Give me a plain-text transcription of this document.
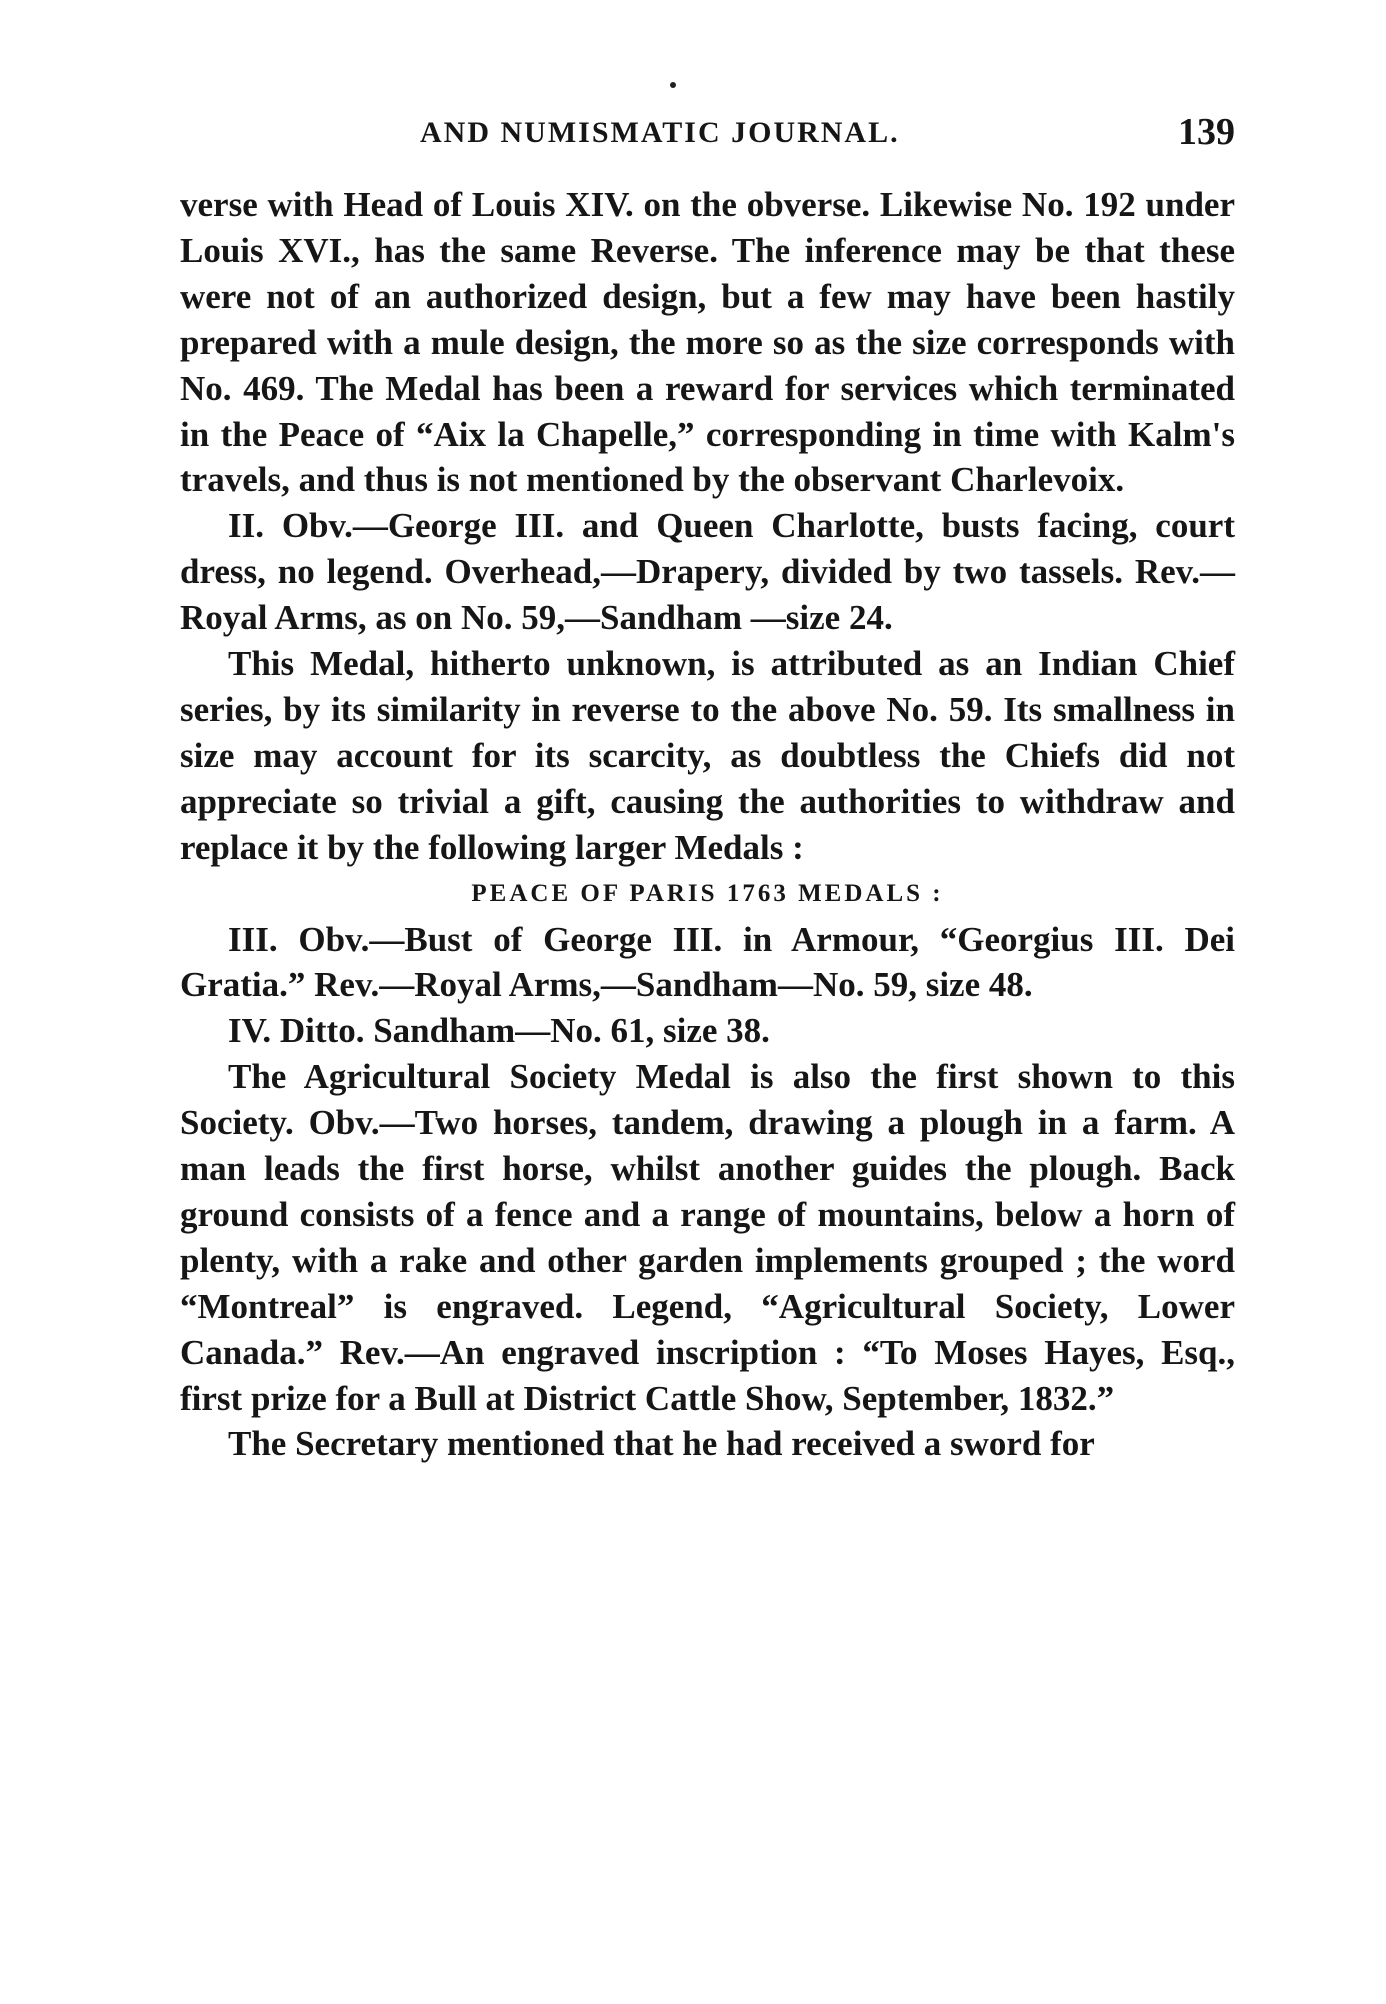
AND NUMISMATIC JOURNAL.	139

verse with Head of Louis XIV. on the obverse. Likewise No. 192 under Louis XVI., has the same Reverse. The inference may be that these were not of an authorized design, but a few may have been hastily prepared with a mule design, the more so as the size corresponds with No. 469. The Medal has been a reward for services which terminated in the Peace of “Aix la Chapelle,” corresponding in time with Kalm's travels, and thus is not mentioned by the observant Charlevoix.

II. Obv.—George III. and Queen Charlotte, busts facing, court dress, no legend. Overhead,—Drapery, divided by two tassels. Rev.—Royal Arms, as on No. 59,—Sandham —size 24.

This Medal, hitherto unknown, is attributed as an Indian Chief series, by its similarity in reverse to the above No. 59. Its smallness in size may account for its scarcity, as doubtless the Chiefs did not appreciate so trivial a gift, causing the authorities to withdraw and replace it by the following larger Medals :

PEACE OF PARIS 1763 MEDALS :

III. Obv.—Bust of George III. in Armour, “Georgius III. Dei Gratia.” Rev.—Royal Arms,—Sandham—No. 59, size 48.

IV. Ditto. Sandham—No. 61, size 38.

The Agricultural Society Medal is also the first shown to this Society. Obv.—Two horses, tandem, drawing a plough in a farm. A man leads the first horse, whilst another guides the plough. Back ground consists of a fence and a range of mountains, below a horn of plenty, with a rake and other garden implements grouped ; the word “Montreal” is engraved. Legend, “Agricultural Society, Lower Canada.” Rev.—An engraved inscription : “To Moses Hayes, Esq., first prize for a Bull at District Cattle Show, September, 1832.”

The Secretary mentioned that he had received a sword for
